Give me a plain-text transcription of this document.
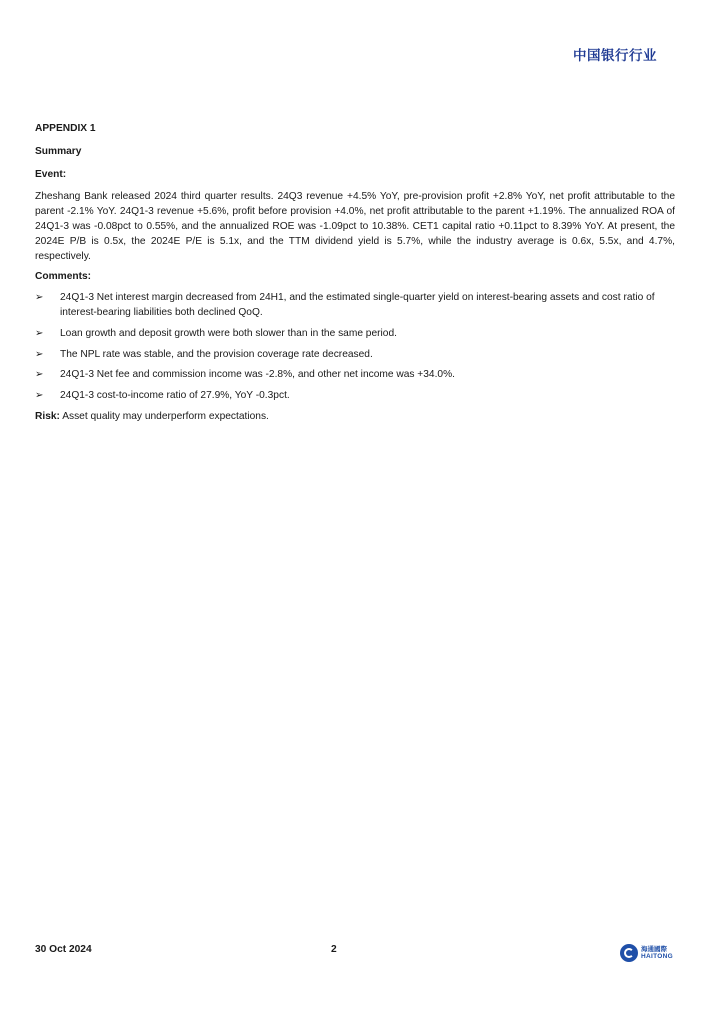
中国银行行业
APPENDIX 1
Summary
Event:

Zheshang Bank released 2024 third quarter results. 24Q3 revenue +4.5% YoY, pre-provision profit +2.8% YoY, net profit attributable to the parent -2.1% YoY. 24Q1-3 revenue +5.6%, profit before provision +4.0%, net profit attributable to the parent +1.19%. The annualized ROA of 24Q1-3 was -0.08pct to 0.55%, and the annualized ROE was -1.09pct to 10.38%. CET1 capital ratio +0.11pct to 8.39% YoY. At present, the 2024E P/B is 0.5x, the 2024E P/E is 5.1x, and the TTM dividend yield is 5.7%, while the industry average is 0.6x, 5.5x, and 4.7%, respectively.

Comments:
➢ 24Q1-3 Net interest margin decreased from 24H1, and the estimated single-quarter yield on interest-bearing assets and cost ratio of interest-bearing liabilities both declined QoQ.
➢ Loan growth and deposit growth were both slower than in the same period.
➢ The NPL rate was stable, and the provision coverage rate decreased.
➢ 24Q1-3 Net fee and commission income was -2.8%, and other net income was +34.0%.
➢ 24Q1-3 cost-to-income ratio of 27.9%, YoY -0.3pct.

Risk: Asset quality may underperform expectations.

30 Oct 2024	2	海通國際
HAITONG
